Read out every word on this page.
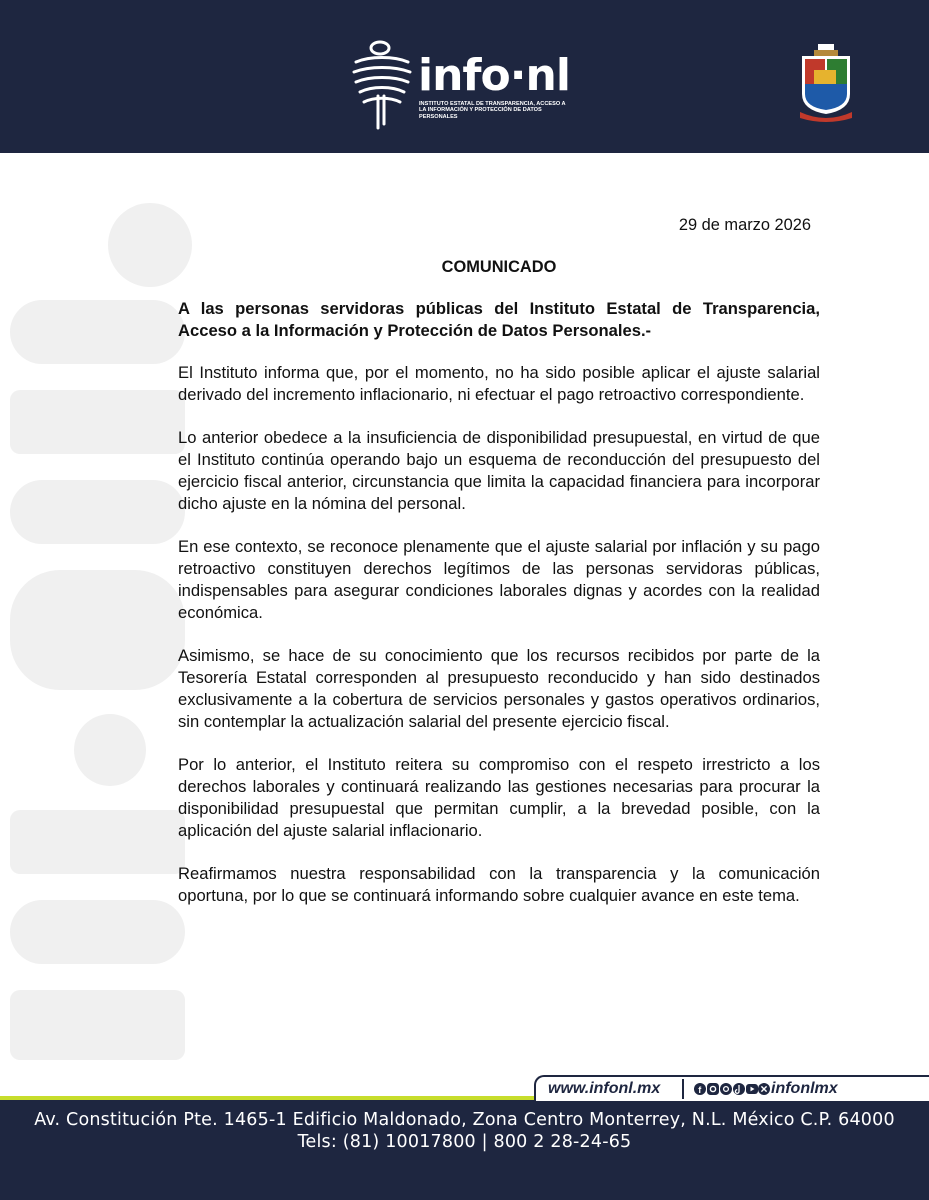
info·nl
INSTITUTO ESTATAL DE TRANSPARENCIA, ACCESO A LA INFORMACIÓN Y PROTECCIÓN DE DATOS PERSONALES
29 de marzo 2026
COMUNICADO
A las personas servidoras públicas del Instituto Estatal de Transparencia, Acceso a la Información y Protección de Datos Personales.-

El Instituto informa que, por el momento, no ha sido posible aplicar el ajuste salarial derivado del incremento inflacionario, ni efectuar el pago retroactivo correspondiente.

Lo anterior obedece a la insuficiencia de disponibilidad presupuestal, en virtud de que el Instituto continúa operando bajo un esquema de reconducción del presupuesto del ejercicio fiscal anterior, circunstancia que limita la capacidad financiera para incorporar dicho ajuste en la nómina del personal.

En ese contexto, se reconoce plenamente que el ajuste salarial por inflación y su pago retroactivo constituyen derechos legítimos de las personas servidoras públicas, indispensables para asegurar condiciones laborales dignas y acordes con la realidad económica.

Asimismo, se hace de su conocimiento que los recursos recibidos por parte de la Tesorería Estatal corresponden al presupuesto reconducido y han sido destinados exclusivamente a la cobertura de servicios personales y gastos operativos ordinarios, sin contemplar la actualización salarial del presente ejercicio fiscal.

Por lo anterior, el Instituto reitera su compromiso con el respeto irrestricto a los derechos laborales y continuará realizando las gestiones necesarias para procurar la disponibilidad presupuestal que permitan cumplir, a la brevedad posible, con la aplicación del ajuste salarial inflacionario.

Reafirmamos nuestra responsabilidad con la transparencia y la comunicación oportuna, por lo que se continuará informando sobre cualquier avance en este tema.

www.infonl.mx	f	infonlmx
Av. Constitución Pte. 1465-1 Edificio Maldonado, Zona Centro Monterrey, N.L. México C.P. 64000
Tels: (81) 10017800 | 800 2 28-24-65
